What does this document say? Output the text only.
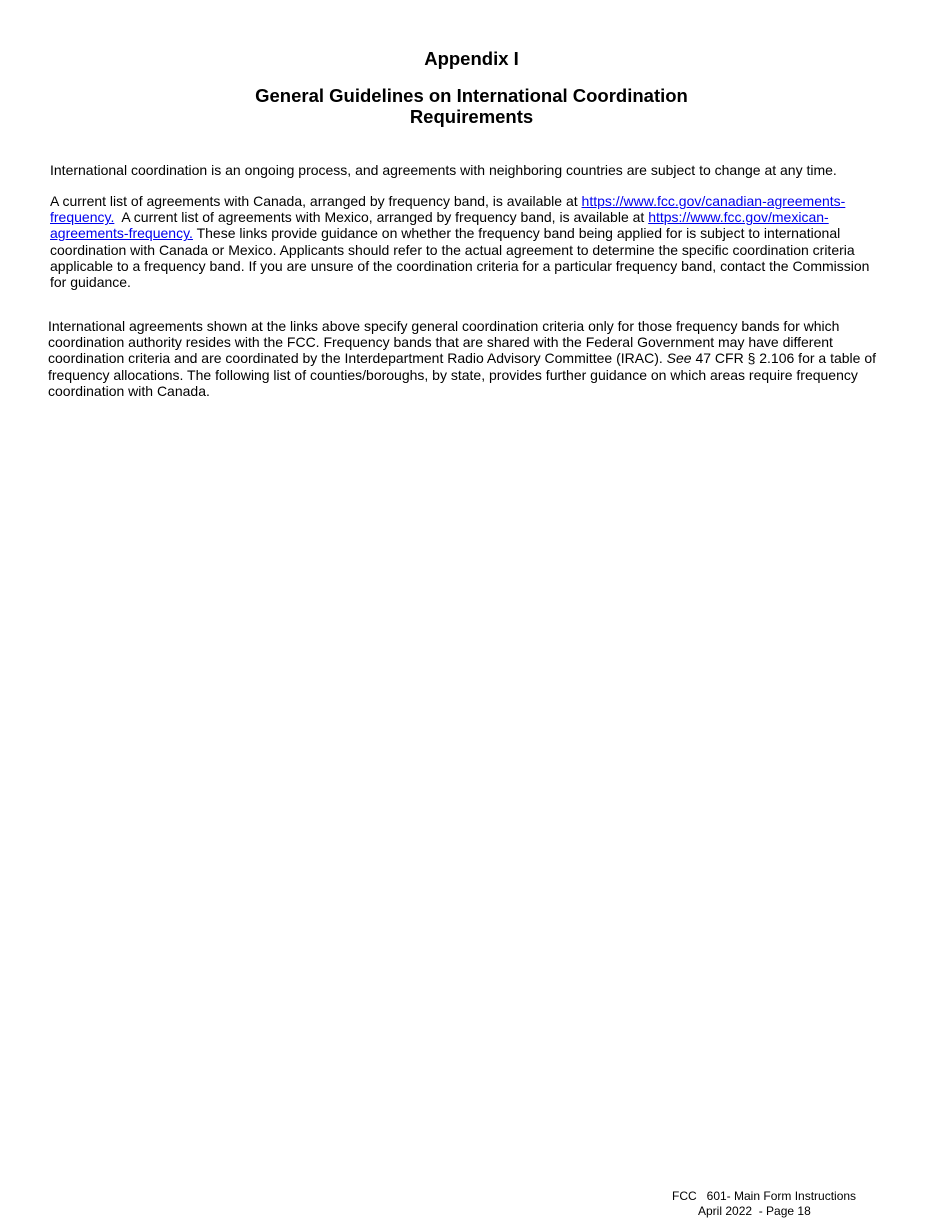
Appendix I
General Guidelines on International Coordination
Requirements

International coordination is an ongoing process, and agreements with neighboring countries are subject to change at any time.

A current list of agreements with Canada, arranged by frequency band, is available at https://www.fcc.gov/canadian-agreements-frequency.  A current list of agreements with Mexico, arranged by frequency band, is available at https://www.fcc.gov/mexican-agreements-frequency. These links provide guidance on whether the frequency band being applied for is subject to international coordination with Canada or Mexico. Applicants should refer to the actual agreement to determine the specific coordination criteria applicable to a frequency band. If you are unsure of the coordination criteria for a particular frequency band, contact the Commission for guidance.

International agreements shown at the links above specify general coordination criteria only for those frequency bands for which coordination authority resides with the FCC. Frequency bands that are shared with the Federal Government may have different coordination criteria and are coordinated by the Interdepartment Radio Advisory Committee (IRAC). See 47 CFR § 2.106 for a table of frequency allocations. The following list of counties/boroughs, by state, provides further guidance on which areas require frequency coordination with Canada.

FCC   601- Main Form Instructions
April 2022  - Page 18
